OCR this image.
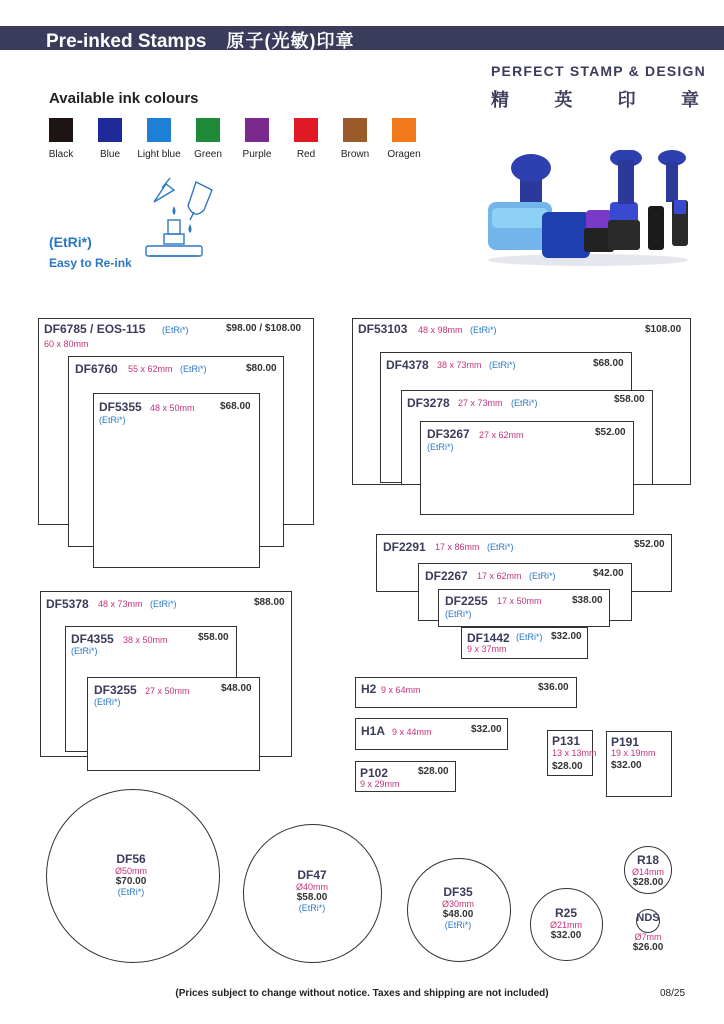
Pre-inked Stamps 原子(光敏)印章
PERFECT STAMP & DESIGN
精	英	印	章
Available ink colours
Black	Blue	Light blue	Green	Purple	Red	Brown	Oragen
(EtRi*)
Easy to Re-ink
DF6785 / EOS-115 (EtRi*)
60 x 80mm
$98.00 / $108.00
DF6760 55 x 62mm (EtRi*)	$80.00
DF5355 48 x 50mm
(EtRi*)
$68.00
DF53103 48 x 98mm (EtRi*)	$108.00
DF4378 38 x 73mm (EtRi*)	$68.00
DF3278 27 x 73mm (EtRi*)	$58.00
DF3267 27 x 62mm
(EtRi*)
$52.00
DF2291 17 x 86mm (EtRi*)	$52.00
DF2267 17 x 62mm (EtRi*)	$42.00
DF2255 17 x 50mm
(EtRi*)
$38.00
DF1442 (EtRi*)
9 x 37mm
$32.00
DF5378 48 x 73mm (EtRi*)	$88.00
DF4355 38 x 50mm
(EtRi*)
$58.00
DF3255 27 x 50mm
(EtRi*)
$48.00	H2 9 x 64mm	$36.00
H1A 9 x 44mm	$32.00
P102
9 x 29mm
$28.00
P131
13 x 13mm
$28.00
P191
19 x 19mm
$32.00
DF56
Ø50mm
$70.00
(EtRi*)
DF47
Ø40mm
$58.00
(EtRi*)
DF35
Ø30mm
$48.00
(EtRi*)
R25
Ø21mm
$32.00
R18
Ø14mm
$28.00
NDS
Ø7mm
$26.00
(Prices subject to change without notice. Taxes and shipping are not included)	08/25
